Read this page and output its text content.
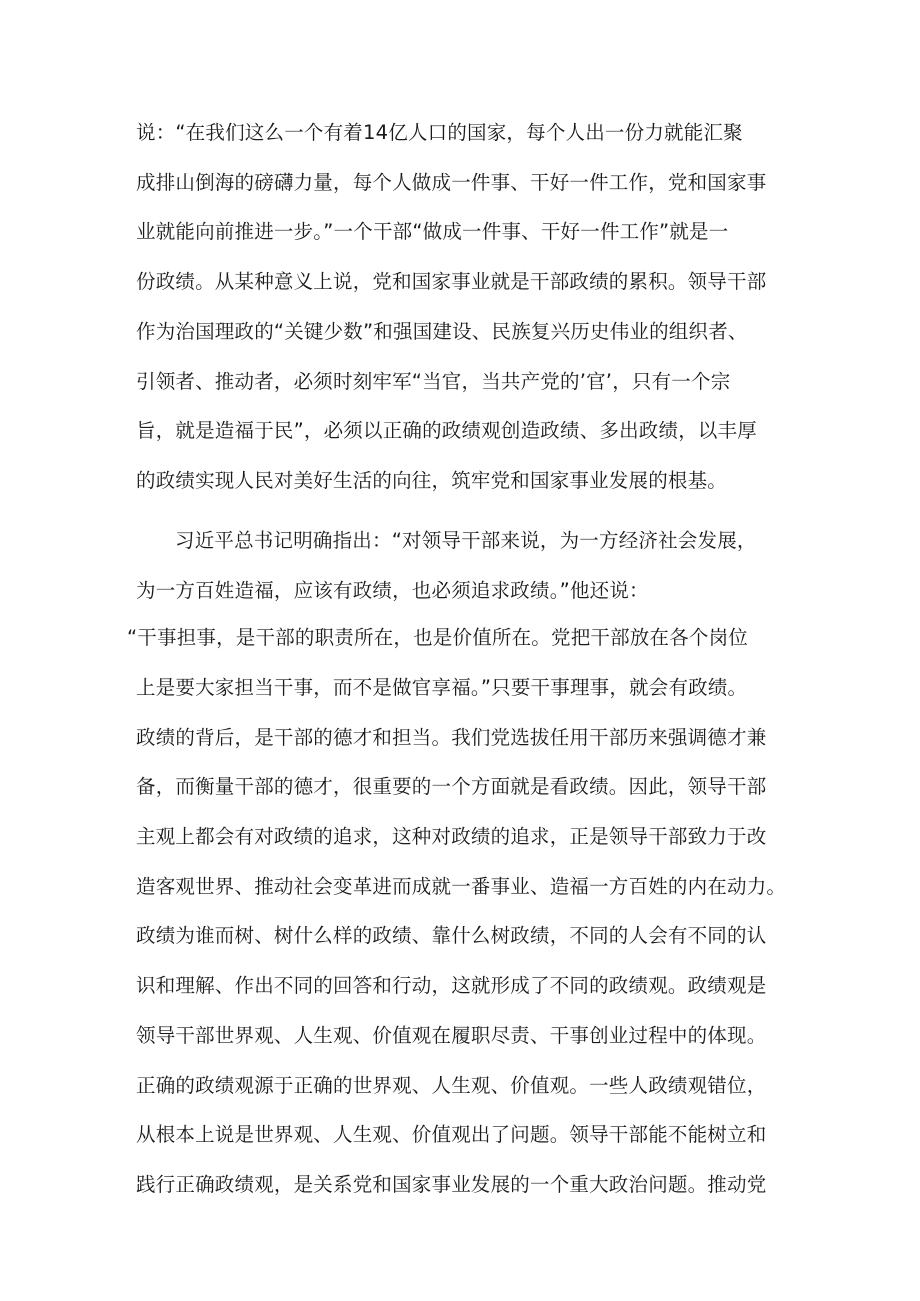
说：“在我们这么一个有着14亿人口的国家，每个人出一份力就能汇聚
成排山倒海的磅礴力量，每个人做成一件事、干好一件工作，党和国家事
业就能向前推进一步。”一个干部“做成一件事、干好一件工作”就是一
份政绩。从某种意义上说，党和国家事业就是干部政绩的累积。领导干部
作为治国理政的“关键少数”和强国建设、民族复兴历史伟业的组织者、
引领者、推动者，必须时刻牢军“当官，当共产党的’官’，只有一个宗
旨，就是造福于民”，必须以正确的政绩观创造政绩、多出政绩，以丰厚
的政绩实现人民对美好生活的向往，筑牢党和国家事业发展的根基。
习近平总书记明确指出：“对领导干部来说，为一方经济社会发展，
为一方百姓造福，应该有政绩，也必须追求政绩。”他还说：
“干事担事，是干部的职责所在，也是价值所在。党把干部放在各个岗位
上是要大家担当干事，而不是做官享福。”只要干事理事，就会有政绩。
政绩的背后，是干部的德才和担当。我们党选拔任用干部历来强调德才兼
备，而衡量干部的德才，很重要的一个方面就是看政绩。因此，领导干部
主观上都会有对政绩的追求，这种对政绩的追求，正是领导干部致力于改
造客观世界、推动社会变革进而成就一番事业、造福一方百姓的内在动力。
政绩为谁而树、树什么样的政绩、靠什么树政绩，不同的人会有不同的认
识和理解、作出不同的回答和行动，这就形成了不同的政绩观。政绩观是
领导干部世界观、人生观、价值观在履职尽责、干事创业过程中的体现。
正确的政绩观源于正确的世界观、人生观、价值观。一些人政绩观错位，
从根本上说是世界观、人生观、价值观出了问题。领导干部能不能树立和
践行正确政绩观，是关系党和国家事业发展的一个重大政治问题。推动党
